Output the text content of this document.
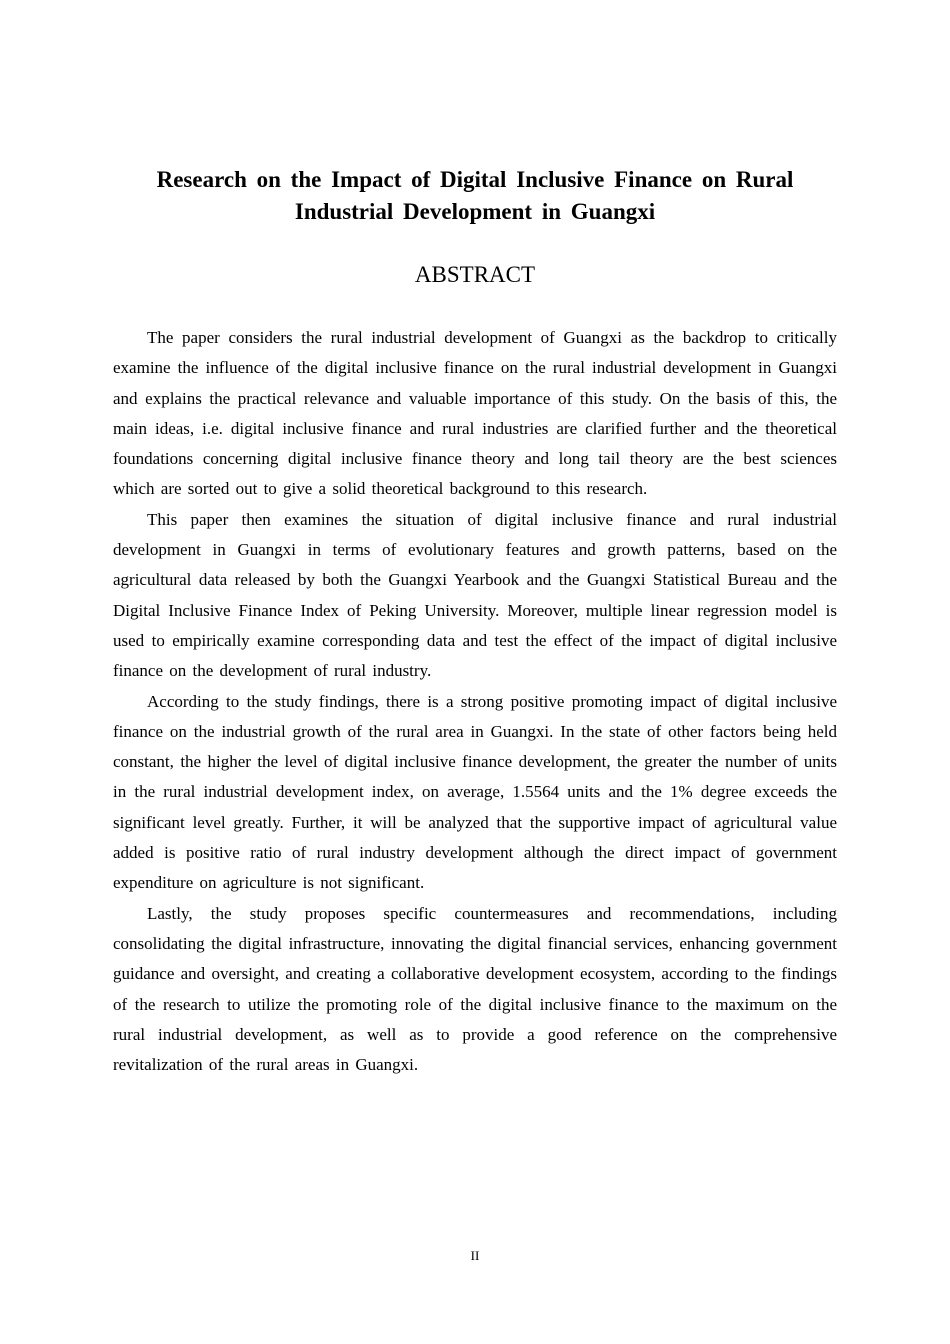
Research on the Impact of Digital Inclusive Finance on Rural Industrial Development in Guangxi
ABSTRACT

The paper considers the rural industrial development of Guangxi as the backdrop to critically examine the influence of the digital inclusive finance on the rural industrial development in Guangxi and explains the practical relevance and valuable importance of this study. On the basis of this, the main ideas, i.e. digital inclusive finance and rural industries are clarified further and the theoretical foundations concerning digital inclusive finance theory and long tail theory are the best sciences which are sorted out to give a solid theoretical background to this research.

This paper then examines the situation of digital inclusive finance and rural industrial development in Guangxi in terms of evolutionary features and growth patterns, based on the agricultural data released by both the Guangxi Yearbook and the Guangxi Statistical Bureau and the Digital Inclusive Finance Index of Peking University. Moreover, multiple linear regression model is used to empirically examine corresponding data and test the effect of the impact of digital inclusive finance on the development of rural industry.

According to the study findings, there is a strong positive promoting impact of digital inclusive finance on the industrial growth of the rural area in Guangxi. In the state of other factors being held constant, the higher the level of digital inclusive finance development, the greater the number of units in the rural industrial development index, on average, 1.5564 units and the 1% degree exceeds the significant level greatly. Further, it will be analyzed that the supportive impact of agricultural value added is positive ratio of rural industry development although the direct impact of government expenditure on agriculture is not significant.

Lastly, the study proposes specific countermeasures and recommendations, including consolidating the digital infrastructure, innovating the digital financial services, enhancing government guidance and oversight, and creating a collaborative development ecosystem, according to the findings of the research to utilize the promoting role of the digital inclusive finance to the maximum on the rural industrial development, as well as to provide a good reference on the comprehensive revitalization of the rural areas in Guangxi.

II
